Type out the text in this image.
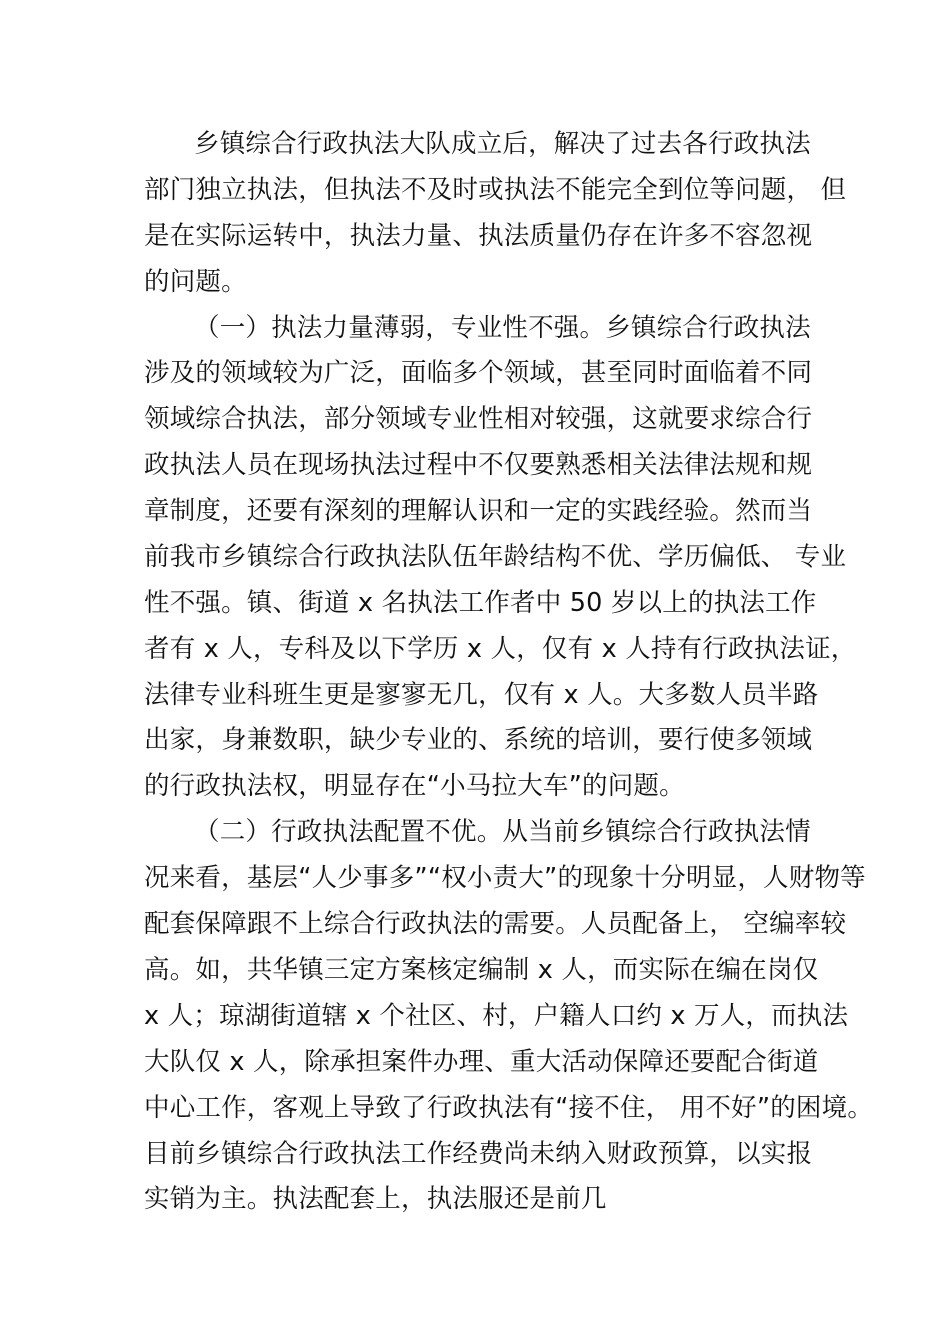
乡镇综合行政执法大队成立后，解决了过去各行政执法
部门独立执法，但执法不及时或执法不能完全到位等问题， 但
是在实际运转中，执法力量、执法质量仍存在许多不容忽视
的问题。
（一）执法力量薄弱，专业性不强。乡镇综合行政执法
涉及的领域较为广泛，面临多个领域，甚至同时面临着不同
领域综合执法，部分领域专业性相对较强，这就要求综合行
政执法人员在现场执法过程中不仅要熟悉相关法律法规和规
章制度，还要有深刻的理解认识和一定的实践经验。然而当
前我市乡镇综合行政执法队伍年龄结构不优、学历偏低、 专业
性不强。镇、街道 x 名执法工作者中 50 岁以上的执法工作
者有 x 人，专科及以下学历 x 人，仅有 x 人持有行政执法证，
法律专业科班生更是寥寥无几，仅有 x 人。大多数人员半路
出家，身兼数职，缺少专业的、系统的培训，要行使多领域
的行政执法权，明显存在“小马拉大车”的问题。
（二）行政执法配置不优。从当前乡镇综合行政执法情
况来看，基层“人少事多”“权小责大”的现象十分明显，人财物等
配套保障跟不上综合行政执法的需要。人员配备上， 空编率较
高。如，共华镇三定方案核定编制 x 人，而实际在编在岗仅
x 人；琼湖街道辖 x 个社区、村，户籍人口约 x 万人，而执法
大队仅 x 人，除承担案件办理、重大活动保障还要配合街道
中心工作，客观上导致了行政执法有“接不住， 用不好”的困境。
目前乡镇综合行政执法工作经费尚未纳入财政预算，以实报
实销为主。执法配套上，执法服还是前几
